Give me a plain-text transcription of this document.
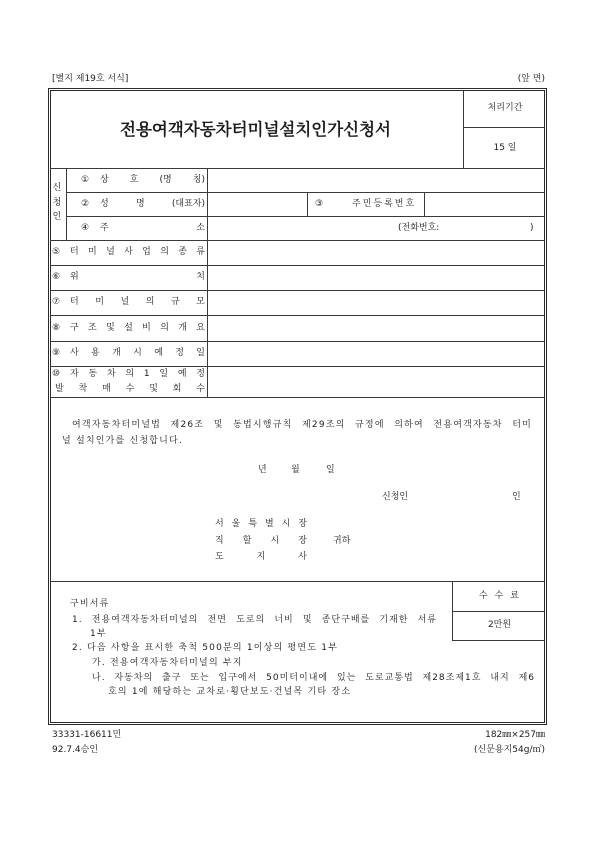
[별지 제19호 서식]	(앞 면)
전용여객자동차터미널설치인가신청서
처리기간
15 일
신
청
인
① 상 호 (명 칭)
② 성 명 (대표자)	③	주민등록번호
④ 주 소	(전화번호:	)
⑤ 터 미 널 사 업 의 종 류
⑥ 위 치
⑦ 터 미 널 의 규 모
⑧ 구 조 및 설 비 의 개 요
⑨ 사 용 개 시 예 정 일
⑩ 자 동 차 의 1 일 예 정
발 착 매 수 및 회 수
여객자동차터미널법 제26조 및 동법시행규칙 제29조의 규정에 의하여 전용여객자동차 터미
널 설치인가를 신청합니다.
년	월	일
신청인	인
서 울 특 별 시 장
직 할 시 장
도 지 사
귀하
구비서류
1. 전용여객자동차터미널의 전면 도로의 너비 및 종단구배를 기재한 서류
1부
2. 다음 사항을 표시한 축척 500분의 1이상의 평면도 1부
가. 전용여객자동차터미널의 부지
나. 자동차의 출구 또는 입구에서 50미터이내에 있는 도로교통법 제28조제1호 내지 제6
호의 1에 해당하는 교차로·횡단보도·건널목 기타 장소
수 수 료
2만원
33331-16611민	182㎜×257㎜
92.7.4승인	(신문용지54g/㎡)
